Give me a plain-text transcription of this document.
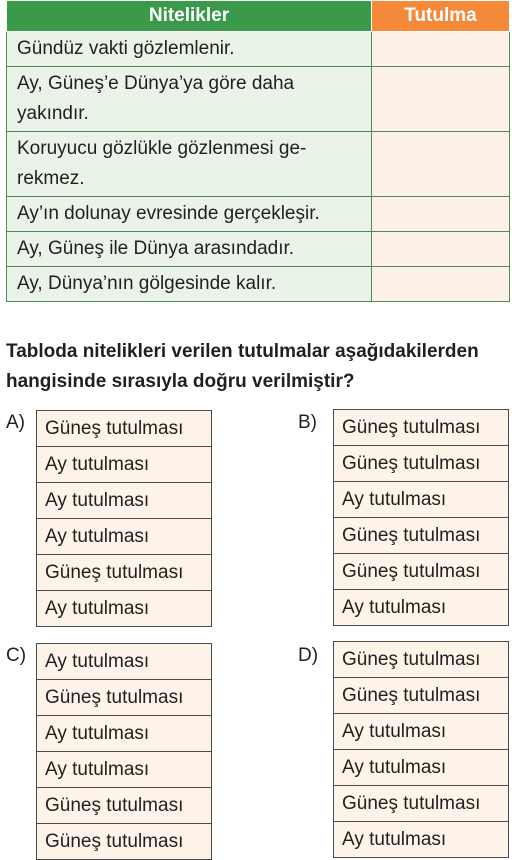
Nitelikler	Tutulma
Gündüz vakti gözlemlenir.	
Ay, Güneş’e Dünya’ya göre daha yakındır.	
Koruyucu gözlükle gözlenmesi ge-rekmez.	
Ay’ın dolunay evresinde gerçekleşir.	
Ay, Güneş ile Dünya arasındadır.	
Ay, Dünya’nın gölgesinde kalır.	
Tabloda nitelikleri verilen tutulmalar aşağıdakilerden hangisinde sırasıyla doğru verilmiştir?
A) Güneş tutulması
Ay tutulması
Ay tutulması
Ay tutulması
Güneş tutulması
Ay tutulması
B) Güneş tutulması
Güneş tutulması
Ay tutulması
Güneş tutulması
Güneş tutulması
Ay tutulması
C) Ay tutulması
Güneş tutulması
Ay tutulması
Ay tutulması
Güneş tutulması
Güneş tutulması
D) Güneş tutulması
Güneş tutulması
Ay tutulması
Ay tutulması
Güneş tutulması
Ay tutulması
